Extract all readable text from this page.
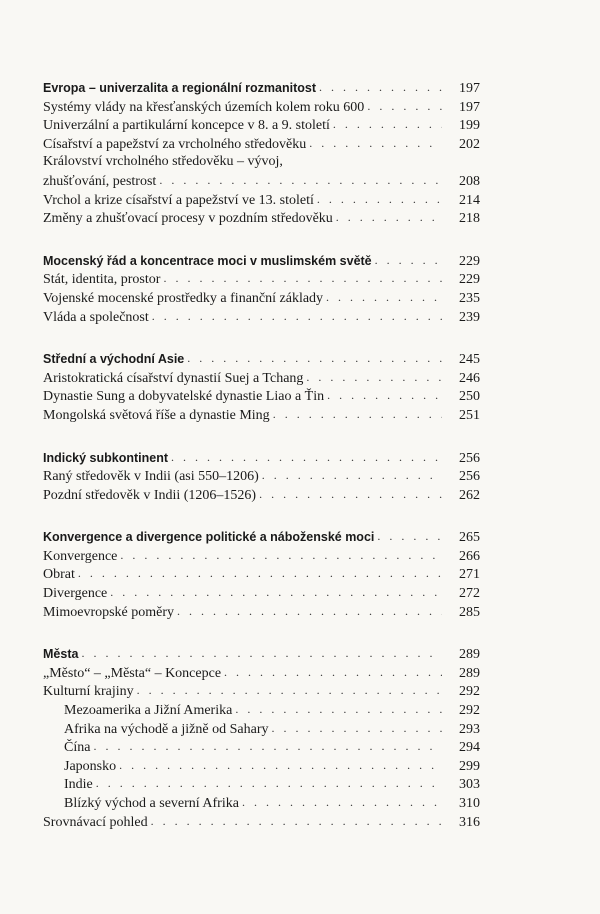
Evropa – univerzalita a regionální rozmanitost . . .	197
Systémy vlády na křesťanských územích kolem roku 600 . . .	197
Univerzální a partikulární koncepce v 8. a 9. století . . .	199
Císařství a papežství za vrcholného středověku . . .	202
Království vrcholného středověku – vývoj,
zhušťování, pestrost . . .	208
Vrchol a krize císařství a papežství ve 13. století . . .	214
Změny a zhušťovací procesy v pozdním středověku . . .	218
Mocenský řád a koncentrace moci v muslimském světě . . .	229
Stát, identita, prostor . . .	229
Vojenské mocenské prostředky a finanční základy . . .	235
Vláda a společnost . . .	239
Střední a východní Asie . . .	245
Aristokratická císařství dynastií Suej a Tchang . . .	246
Dynastie Sung a dobyvatelské dynastie Liao a Ťin . . .	250
Mongolská světová říše a dynastie Ming . . .	251
Indický subkontinent . . .	256
Raný středověk v Indii (asi 550–1206) . . .	256
Pozdní středověk v Indii (1206–1526) . . .	262
Konvergence a divergence politické a náboženské moci . . .	265
Konvergence . . .	266
Obrat . . .	271
Divergence . . .	272
Mimoevropské poměry . . .	285
Města . . .	289
„Město“ – „Města“ – Koncepce . . .	289
Kulturní krajiny . . .	292
Mezoamerika a Jižní Amerika . . .	292
Afrika na východě a jižně od Sahary . . .	293
Čína . . .	294
Japonsko . . .	299
Indie . . .	303
Blízký východ a severní Afrika . . .	310
Srovnávací pohled . . .	316
